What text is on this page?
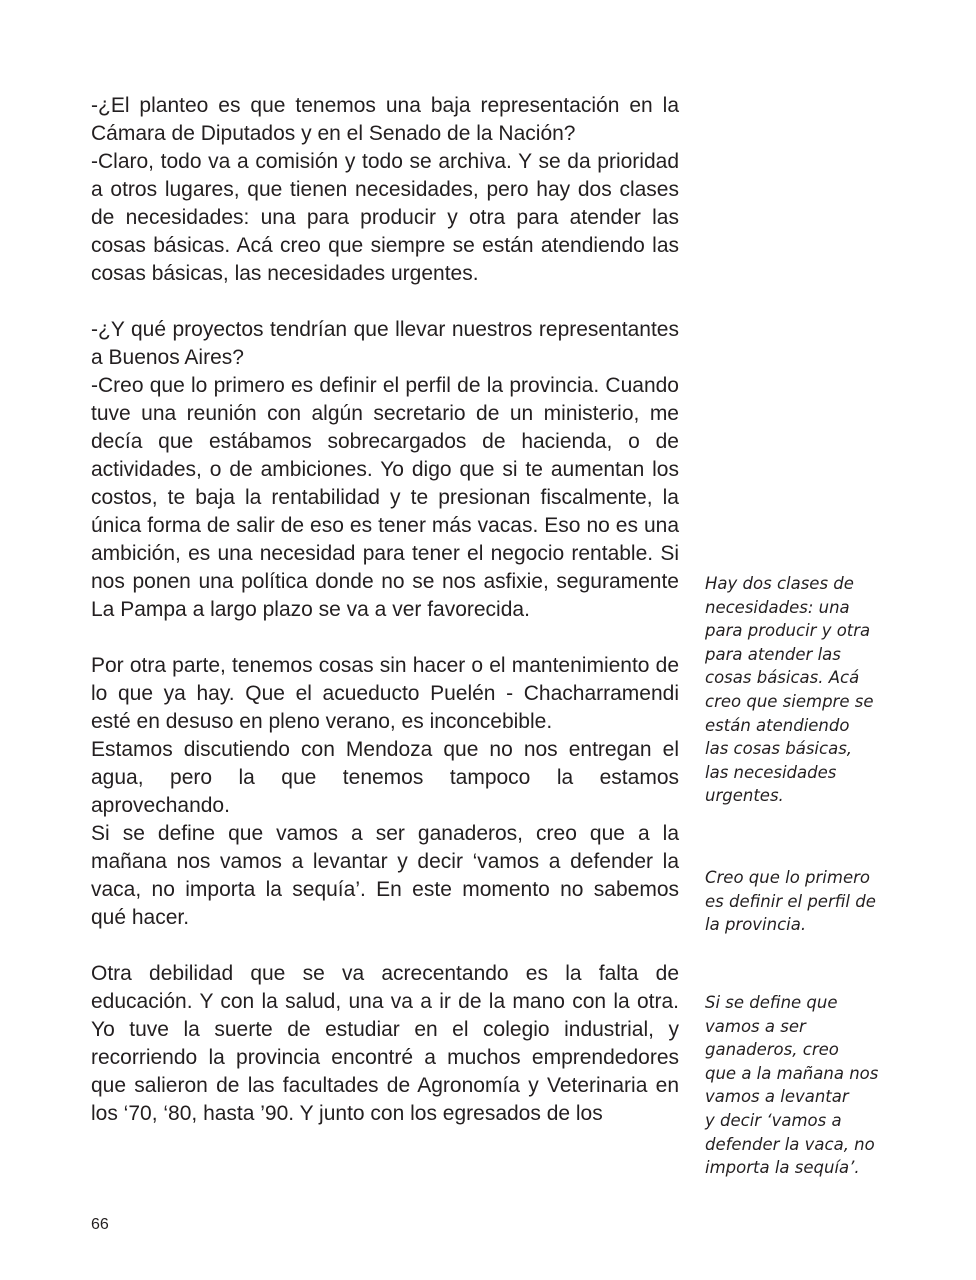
-¿El planteo es que tenemos una baja representación en la Cámara de Diputados y en el Senado de la Nación?

-Claro, todo va a comisión y todo se archiva. Y se da prioridad a otros lugares, que tienen necesidades, pero hay dos clases de necesidades: una para producir y otra para atender las cosas básicas. Acá creo que siempre se están atendiendo las cosas básicas, las necesidades urgentes.

-¿Y qué proyectos tendrían que llevar nuestros representantes a Buenos Aires?

-Creo que lo primero es definir el perfil de la provincia. Cuando tuve una reunión con algún secretario de un ministerio, me decía que estábamos sobrecargados de hacienda, o de actividades, o de ambiciones. Yo digo que si te aumentan los costos, te baja la rentabilidad y te presionan fiscalmente, la única forma de salir de eso es tener más vacas. Eso no es una ambición, es una necesidad para tener el negocio rentable. Si nos ponen una política donde no se nos asfixie, seguramente La Pampa a largo plazo se va a ver favorecida.

Por otra parte, tenemos cosas sin hacer o el mantenimiento de lo que ya hay. Que el acueducto Puelén - Chacharramendi esté en desuso en pleno verano, es inconcebible.

Estamos discutiendo con Mendoza que no nos entregan el agua, pero la que tenemos tampoco la estamos aprovechando.

Si se define que vamos a ser ganaderos, creo que a la mañana nos vamos a levantar y decir ‘vamos a defender la vaca, no importa la sequía’. En este momento no sabemos qué hacer.

Otra debilidad que se va acrecentando es la falta de educación. Y con la salud, una va a ir de la mano con la otra. Yo tuve la suerte de estudiar en el colegio industrial, y recorriendo la provincia encontré a muchos emprendedores que salieron de las facultades de Agronomía y Veterinaria en los ‘70, ‘80, hasta ’90. Y junto con los egresados de los

Hay dos clases de
necesidades: una
para producir y otra
para atender las
cosas básicas. Acá
creo que siempre se
están atendiendo
las cosas básicas,
las necesidades
urgentes.
Creo que lo primero
es definir el perfil de
la provincia.
Si se define que
vamos a ser
ganaderos, creo
que a la mañana nos
vamos a levantar
y decir ‘vamos a
defender la vaca, no
importa la sequía’.
66
